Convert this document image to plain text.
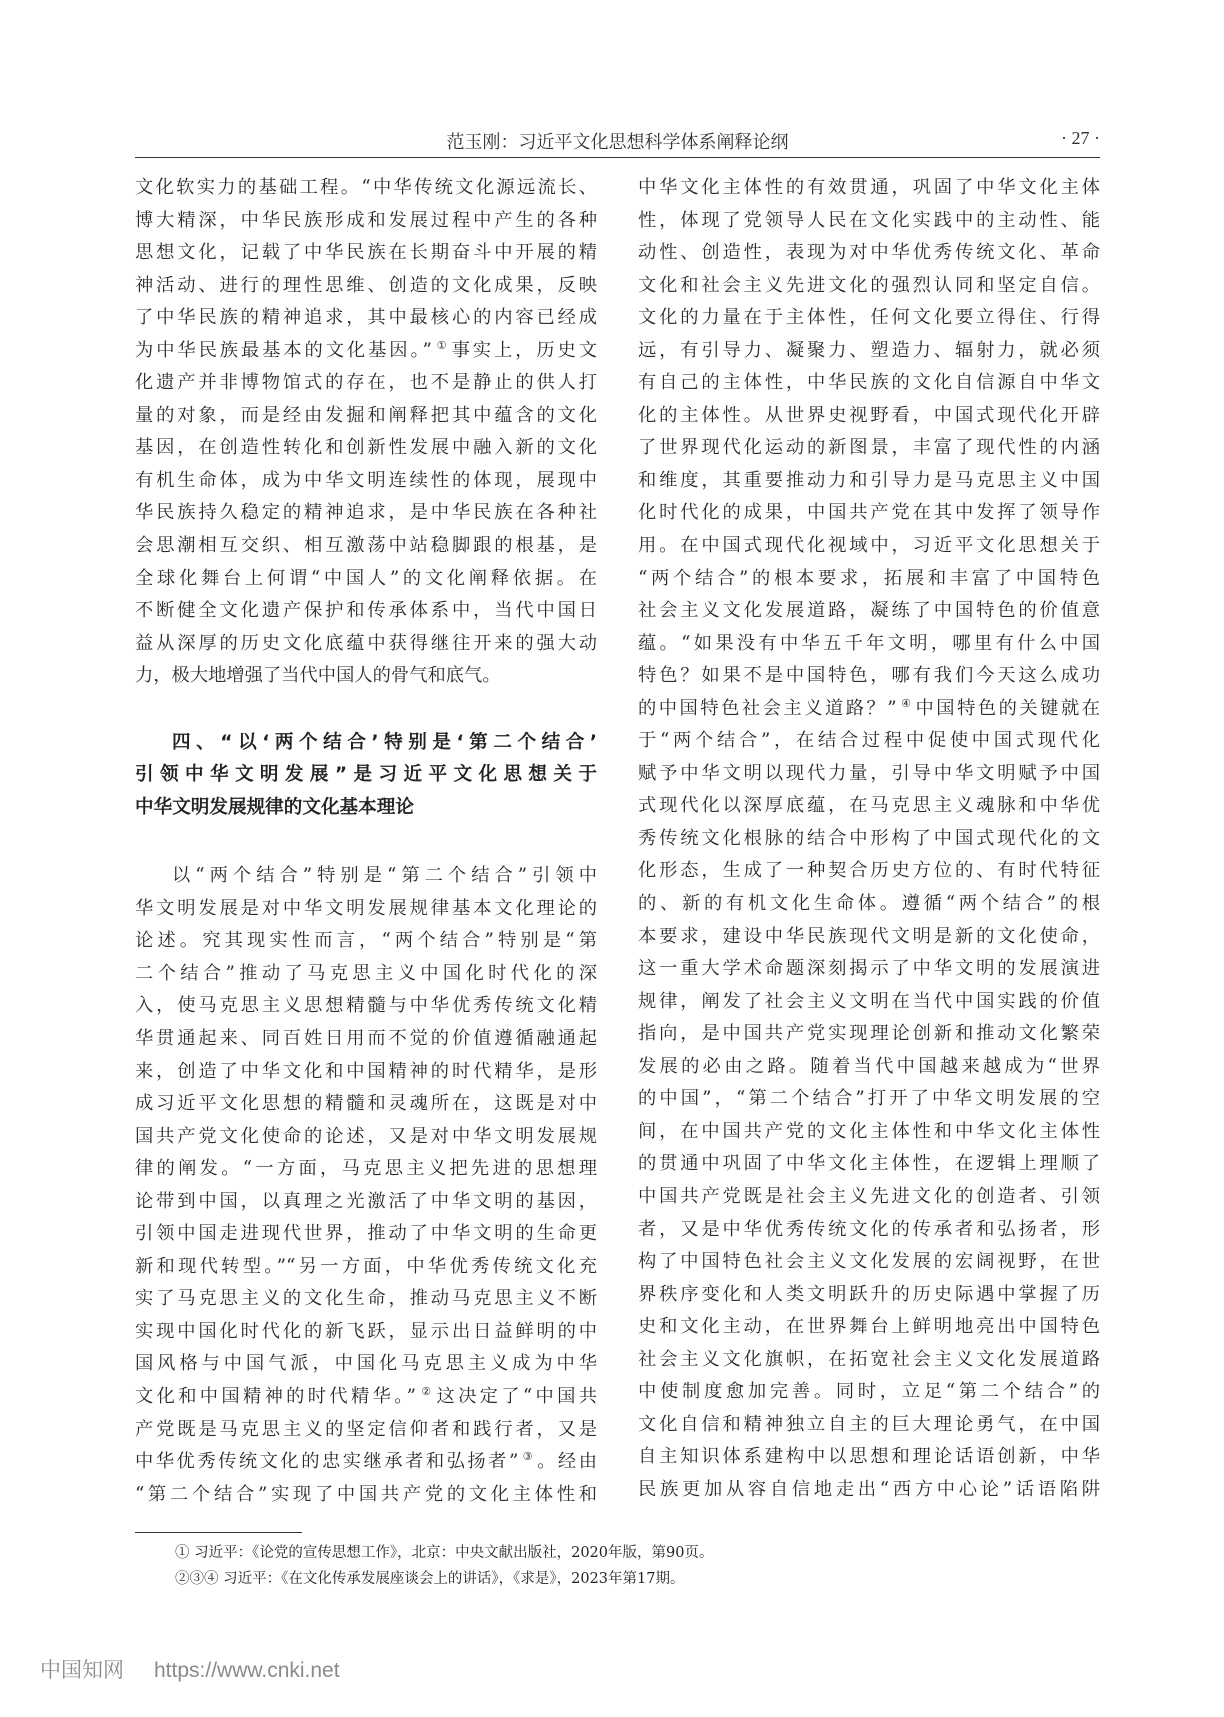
范玉刚：习近平文化思想科学体系阐释论纲	· 27 ·
文化软实力的基础工程。“中华传统文化源远流长、
博大精深，中华民族形成和发展过程中产生的各种
思想文化，记载了中华民族在长期奋斗中开展的精
神活动、进行的理性思维、创造的文化成果，反映
了中华民族的精神追求，其中最核心的内容已经成
为中华民族最基本的文化基因。” ① 事实上，历史文
化遗产并非博物馆式的存在，也不是静止的供人打
量的对象，而是经由发掘和阐释把其中蕴含的文化
基因，在创造性转化和创新性发展中融入新的文化
有机生命体，成为中华文明连续性的体现，展现中
华民族持久稳定的精神追求，是中华民族在各种社
会思潮相互交织、相互激荡中站稳脚跟的根基，是
全球化舞台上何谓“中国人”的文化阐释依据。在
不断健全文化遗产保护和传承体系中，当代中国日
益从深厚的历史文化底蕴中获得继往开来的强大动
力，极大地增强了当代中国人的骨气和底气。
四、“以‘两个结合’特别是‘第二个结合’
引领中华文明发展”是习近平文化思想关于
中华文明发展规律的文化基本理论
以“两个结合”特别是“第二个结合”引领中
华文明发展是对中华文明发展规律基本文化理论的
论述。究其现实性而言，“两个结合”特别是“第
二个结合”推动了马克思主义中国化时代化的深
入，使马克思主义思想精髓与中华优秀传统文化精
华贯通起来、同百姓日用而不觉的价值遵循融通起
来，创造了中华文化和中国精神的时代精华，是形
成习近平文化思想的精髓和灵魂所在，这既是对中
国共产党文化使命的论述，又是对中华文明发展规
律的阐发。“一方面，马克思主义把先进的思想理
论带到中国，以真理之光激活了中华文明的基因，
引领中国走进现代世界，推动了中华文明的生命更
新和现代转型。”“另一方面，中华优秀传统文化充
实了马克思主义的文化生命，推动马克思主义不断
实现中国化时代化的新飞跃，显示出日益鲜明的中
国风格与中国气派，中国化马克思主义成为中华
文化和中国精神的时代精华。” ② 这决定了“中国共
产党既是马克思主义的坚定信仰者和践行者，又是
中华优秀传统文化的忠实继承者和弘扬者” ③ 。经由
“第二个结合”实现了中国共产党的文化主体性和
中华文化主体性的有效贯通，巩固了中华文化主体
性，体现了党领导人民在文化实践中的主动性、能
动性、创造性，表现为对中华优秀传统文化、革命
文化和社会主义先进文化的强烈认同和坚定自信。
文化的力量在于主体性，任何文化要立得住、行得
远，有引导力、凝聚力、塑造力、辐射力，就必须
有自己的主体性，中华民族的文化自信源自中华文
化的主体性。从世界史视野看，中国式现代化开辟
了世界现代化运动的新图景，丰富了现代性的内涵
和维度，其重要推动力和引导力是马克思主义中国
化时代化的成果，中国共产党在其中发挥了领导作
用。在中国式现代化视域中，习近平文化思想关于
“两个结合”的根本要求，拓展和丰富了中国特色
社会主义文化发展道路，凝练了中国特色的价值意
蕴。“如果没有中华五千年文明，哪里有什么中国
特色？如果不是中国特色，哪有我们今天这么成功
的中国特色社会主义道路？” ④ 中国特色的关键就在
于“两个结合”，在结合过程中促使中国式现代化
赋予中华文明以现代力量，引导中华文明赋予中国
式现代化以深厚底蕴，在马克思主义魂脉和中华优
秀传统文化根脉的结合中形构了中国式现代化的文
化形态，生成了一种契合历史方位的、有时代特征
的、新的有机文化生命体。遵循“两个结合”的根
本要求，建设中华民族现代文明是新的文化使命，
这一重大学术命题深刻揭示了中华文明的发展演进
规律，阐发了社会主义文明在当代中国实践的价值
指向，是中国共产党实现理论创新和推动文化繁荣
发展的必由之路。随着当代中国越来越成为“世界
的中国”，“第二个结合”打开了中华文明发展的空
间，在中国共产党的文化主体性和中华文化主体性
的贯通中巩固了中华文化主体性，在逻辑上理顺了
中国共产党既是社会主义先进文化的创造者、引领
者，又是中华优秀传统文化的传承者和弘扬者，形
构了中国特色社会主义文化发展的宏阔视野，在世
界秩序变化和人类文明跃升的历史际遇中掌握了历
史和文化主动，在世界舞台上鲜明地亮出中国特色
社会主义文化旗帜，在拓宽社会主义文化发展道路
中使制度愈加完善。同时，立足“第二个结合”的
文化自信和精神独立自主的巨大理论勇气，在中国
自主知识体系建构中以思想和理论话语创新，中华
民族更加从容自信地走出“西方中心论”话语陷阱
① 习近平：《论党的宣传思想工作》，北京：中央文献出版社，2020年版，第90页。
②③④ 习近平：《在文化传承发展座谈会上的讲话》，《求是》，2023年第17期。
中国知网 https://www.cnki.net
